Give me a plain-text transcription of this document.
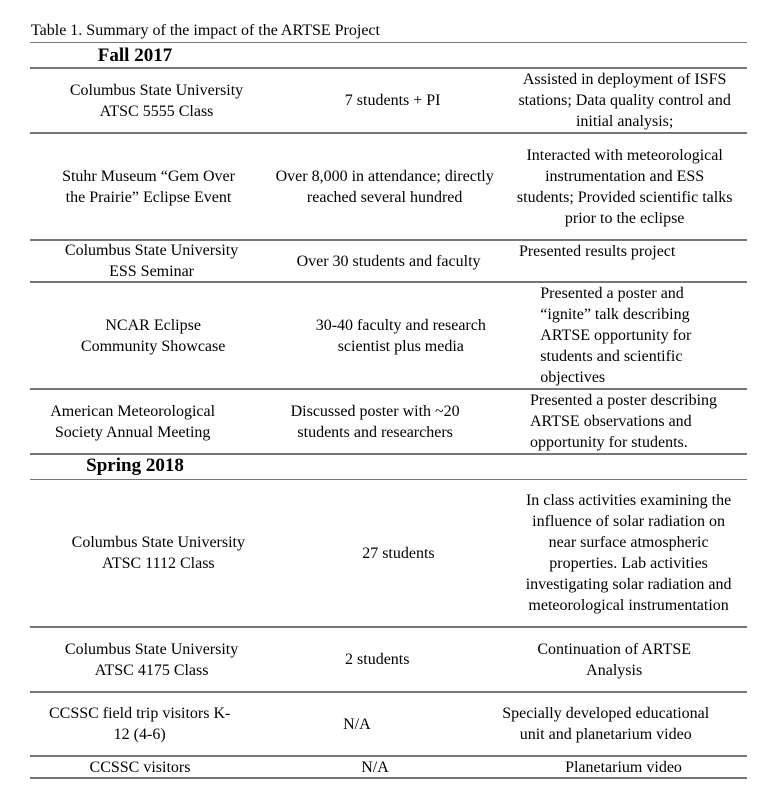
Table 1. Summary of the impact of the ARTSE Project
Fall 2017
Columbus State University ATSC 5555 Class
7 students + PI
Assisted in deployment of ISFS stations; Data quality control and initial analysis;
Stuhr Museum “Gem Over the Prairie” Eclipse Event
Over 8,000 in attendance; directly reached several hundred
Interacted with meteorological instrumentation and ESS students; Provided scientific talks prior to the eclipse
Columbus State University ESS Seminar
Over 30 students and faculty
Presented results project
NCAR Eclipse Community Showcase
30-40 faculty and research scientist plus media
Presented a poster and “ignite” talk describing ARTSE opportunity for students and scientific objectives
American Meteorological Society Annual Meeting
Discussed poster with ~20 students and researchers
Presented a poster describing ARTSE observations and opportunity for students.
Spring 2018
Columbus State University ATSC 1112 Class
27 students
In class activities examining the influence of solar radiation on near surface atmospheric properties. Lab activities investigating solar radiation and meteorological instrumentation
Columbus State University ATSC 4175 Class
2 students
Continuation of ARTSE Analysis
CCSSC field trip visitors K-12 (4-6)
N/A
Specially developed educational unit and planetarium video
CCSSC visitors	N/A	Planetarium video
